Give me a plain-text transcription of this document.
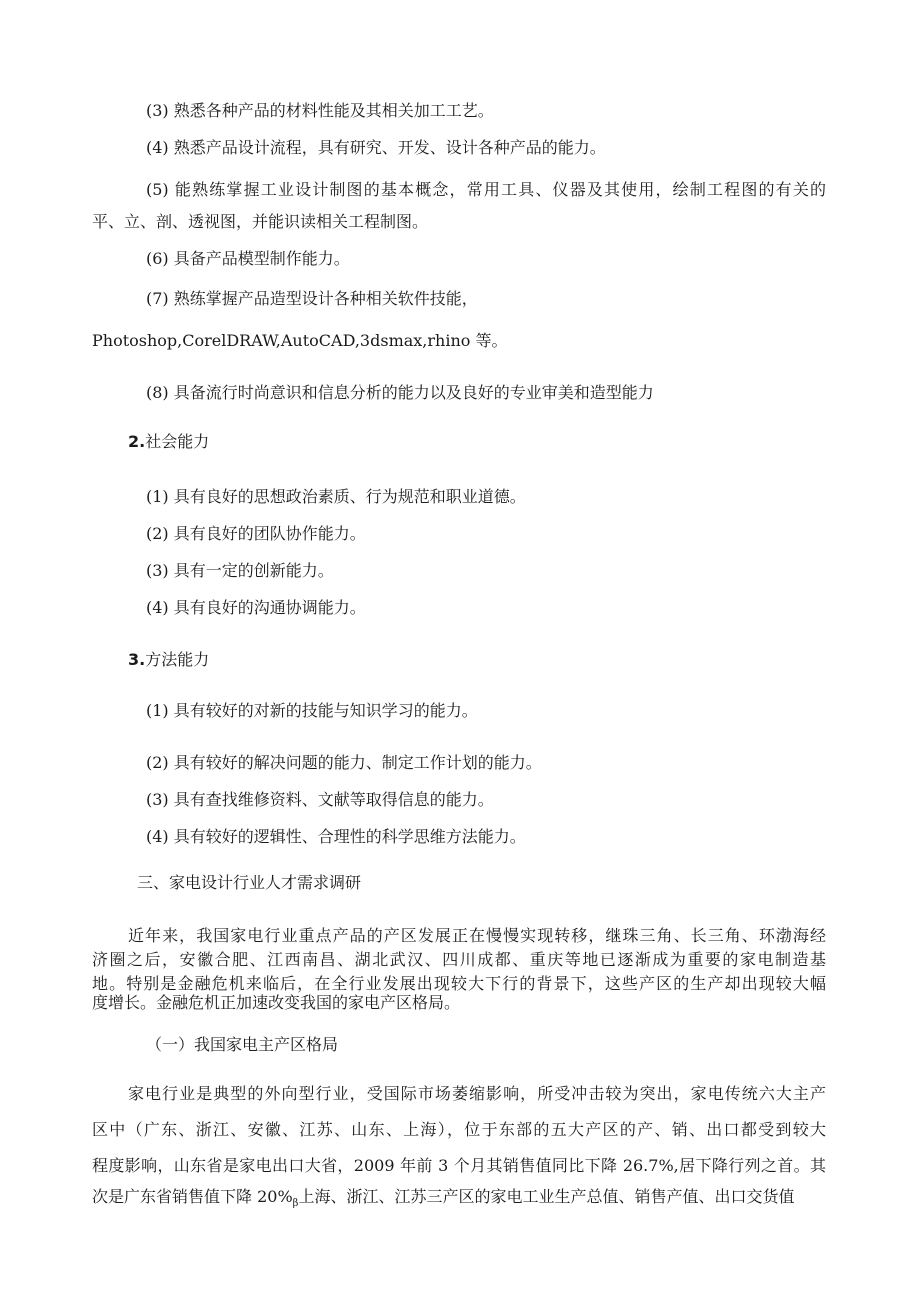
(3) 熟悉各种产品的材料性能及其相关加工工艺。

(4) 熟悉产品设计流程，具有研究、开发、设计各种产品的能力。

(5) 能熟练掌握工业设计制图的基本概念，常用工具、仪器及其使用，绘制工程图的有关的

平、立、剖、透视图，并能识读相关工程制图。

(6) 具备产品模型制作能力。

(7) 熟练掌握产品造型设计各种相关软件技能，

Photoshop,CorelDRAW,AutoCAD,3dsmax,rhino 等。

(8) 具备流行时尚意识和信息分析的能力以及良好的专业审美和造型能力

2.社会能力

(1) 具有良好的思想政治素质、行为规范和职业道德。

(2) 具有良好的团队协作能力。

(3) 具有一定的创新能力。

(4) 具有良好的沟通协调能力。

3.方法能力

(1) 具有较好的对新的技能与知识学习的能力。

(2) 具有较好的解决问题的能力、制定工作计划的能力。

(3) 具有查找维修资料、文献等取得信息的能力。

(4) 具有较好的逻辑性、合理性的科学思维方法能力。

三、家电设计行业人才需求调研

近年来，我国家电行业重点产品的产区发展正在慢慢实现转移，继珠三角、长三角、环渤海经

济圈之后，安徽合肥、江西南昌、湖北武汉、四川成都、重庆等地已逐渐成为重要的家电制造基

地。特别是金融危机来临后，在全行业发展出现较大下行的背景下，这些产区的生产却出现较大幅

度增长。金融危机正加速改变我国的家电产区格局。

（一）我国家电主产区格局

家电行业是典型的外向型行业，受国际市场萎缩影响，所受冲击较为突出，家电传统六大主产

区中（广东、浙江、安徽、江苏、山东、上海），位于东部的五大产区的产、销、出口都受到较大

程度影响，山东省是家电出口大省，2009 年前 3 个月其销售值同比下降 26.7%,居下降行列之首。其

次是广东省销售值下降 $20\%_\beta$上海、浙江、江苏三产区的家电工业生产总值、销售产值、出口交货值
